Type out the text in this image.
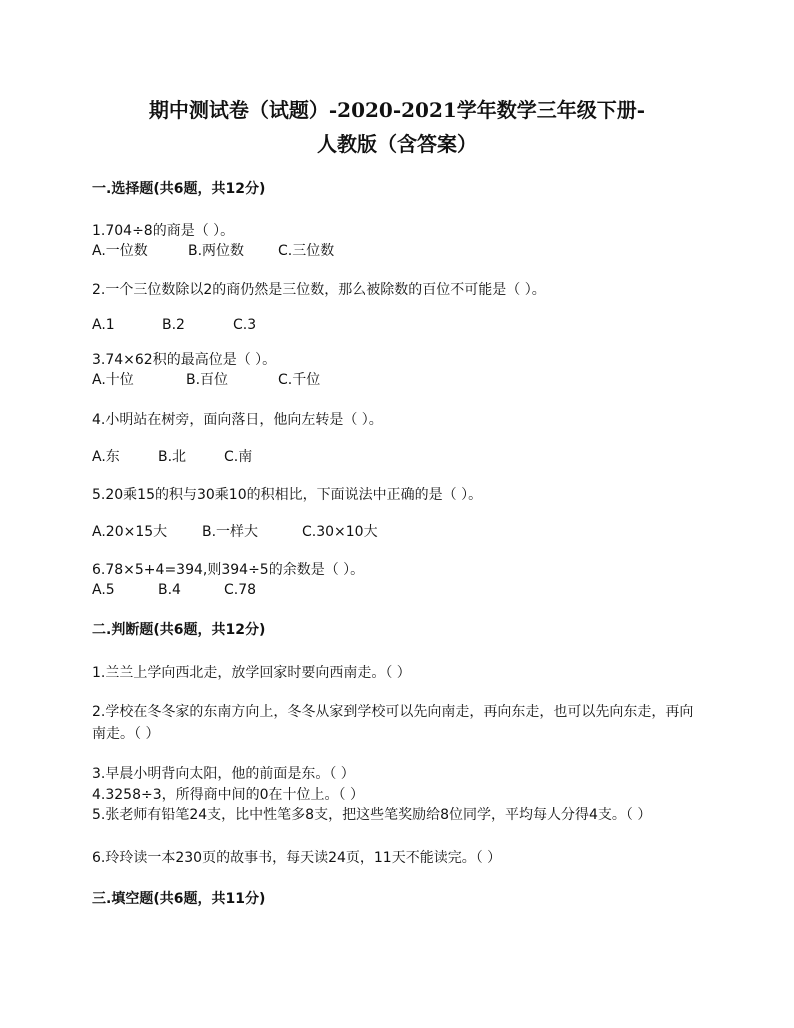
期中测试卷（试题）-2020-2021学年数学三年级下册-
人教版（含答案）
一.选择题(共6题，共12分)
1.704÷8的商是（ ）。
A.一位数	B.两位数 C.三位数
2.一个三位数除以2的商仍然是三位数，那么被除数的百位不可能是（ ）。
A.1	B.2	C.3
3.74×62积的最高位是（ ）。
A.十位	B.百位	C.千位
4.小明站在树旁，面向落日，他向左转是（ ）。
A.东	B.北	C.南
5.20乘15的积与30乘10的积相比，下面说法中正确的是（ ）。
A.20×15大 B.一样大	C.30×10大
6.78×5+4=394,则394÷5的余数是（ ）。
A.5	B.4	C.78
二.判断题(共6题，共12分)
1.兰兰上学向西北走，放学回家时要向西南走。（ ）
2.学校在冬冬家的东南方向上，冬冬从家到学校可以先向南走，再向东走，也可以先向东走，再向南走。（ ）
3.早晨小明背向太阳，他的前面是东。（ ）
4.3258÷3，所得商中间的0在十位上。（ ）
5.张老师有铅笔24支，比中性笔多8支，把这些笔奖励给8位同学，平均每人分得4支。（ ）
6.玲玲读一本230页的故事书，每天读24页，11天不能读完。（ ）
三.填空题(共6题，共11分)
